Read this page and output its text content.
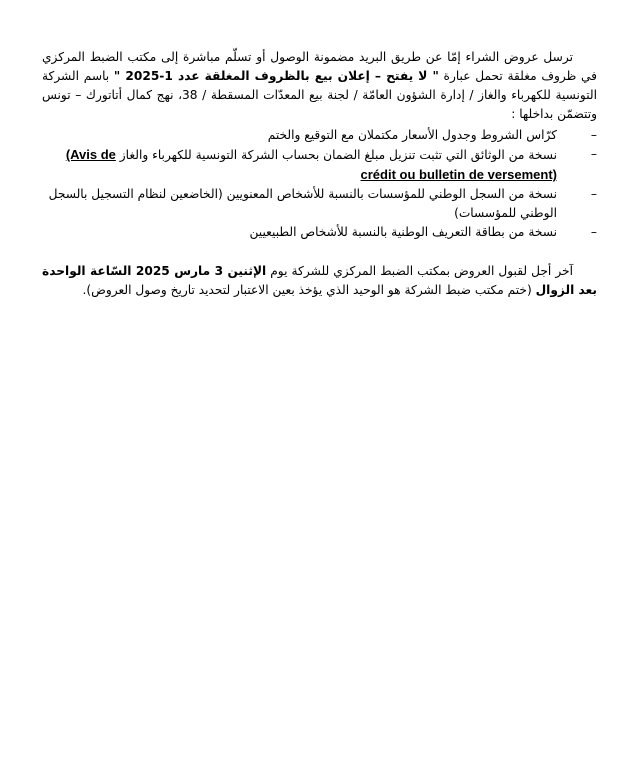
ترسل عروض الشراء إمّا عن طريق البريد مضمونة الوصول أو تسلّم مباشرة إلى مكتب الضبط المركزي في ظروف مغلقة تحمل عبارة " لا يفتح – إعلان بيع بالظروف المغلقة عدد 1-2025 " باسم الشركة التونسية للكهرباء والغاز / إدارة الشؤون العامّة / لجنة بيع المعدّات المسقطة / 38، نهج كمال أتاتورك – تونس وتتضمّن بداخلها :

–
كرّاس الشروط وجدول الأسعار مكتملان مع التوقيع والختم
–
نسخة من الوثائق التي تثبت تنزيل مبلغ الضمان بحساب الشركة التونسية للكهرباء والغاز (Avis de crédit ou bulletin de versement)
–
نسخة من السجل الوطني للمؤسسات بالنسبة للأشخاص المعنويين (الخاضعين لنظام التسجيل بالسجل الوطني للمؤسسات)
–
نسخة من بطاقة التعريف الوطنية بالنسبة للأشخاص الطبيعيين

آخر أجل لقبول العروض بمكتب الضبط المركزي للشركة يوم الإثنين 3 مارس 2025 السّاعة الواحدة بعد الزوال (ختم مكتب ضبط الشركة هو الوحيد الذي يؤخذ بعين الاعتبار لتحديد تاريخ وصول العروض).
